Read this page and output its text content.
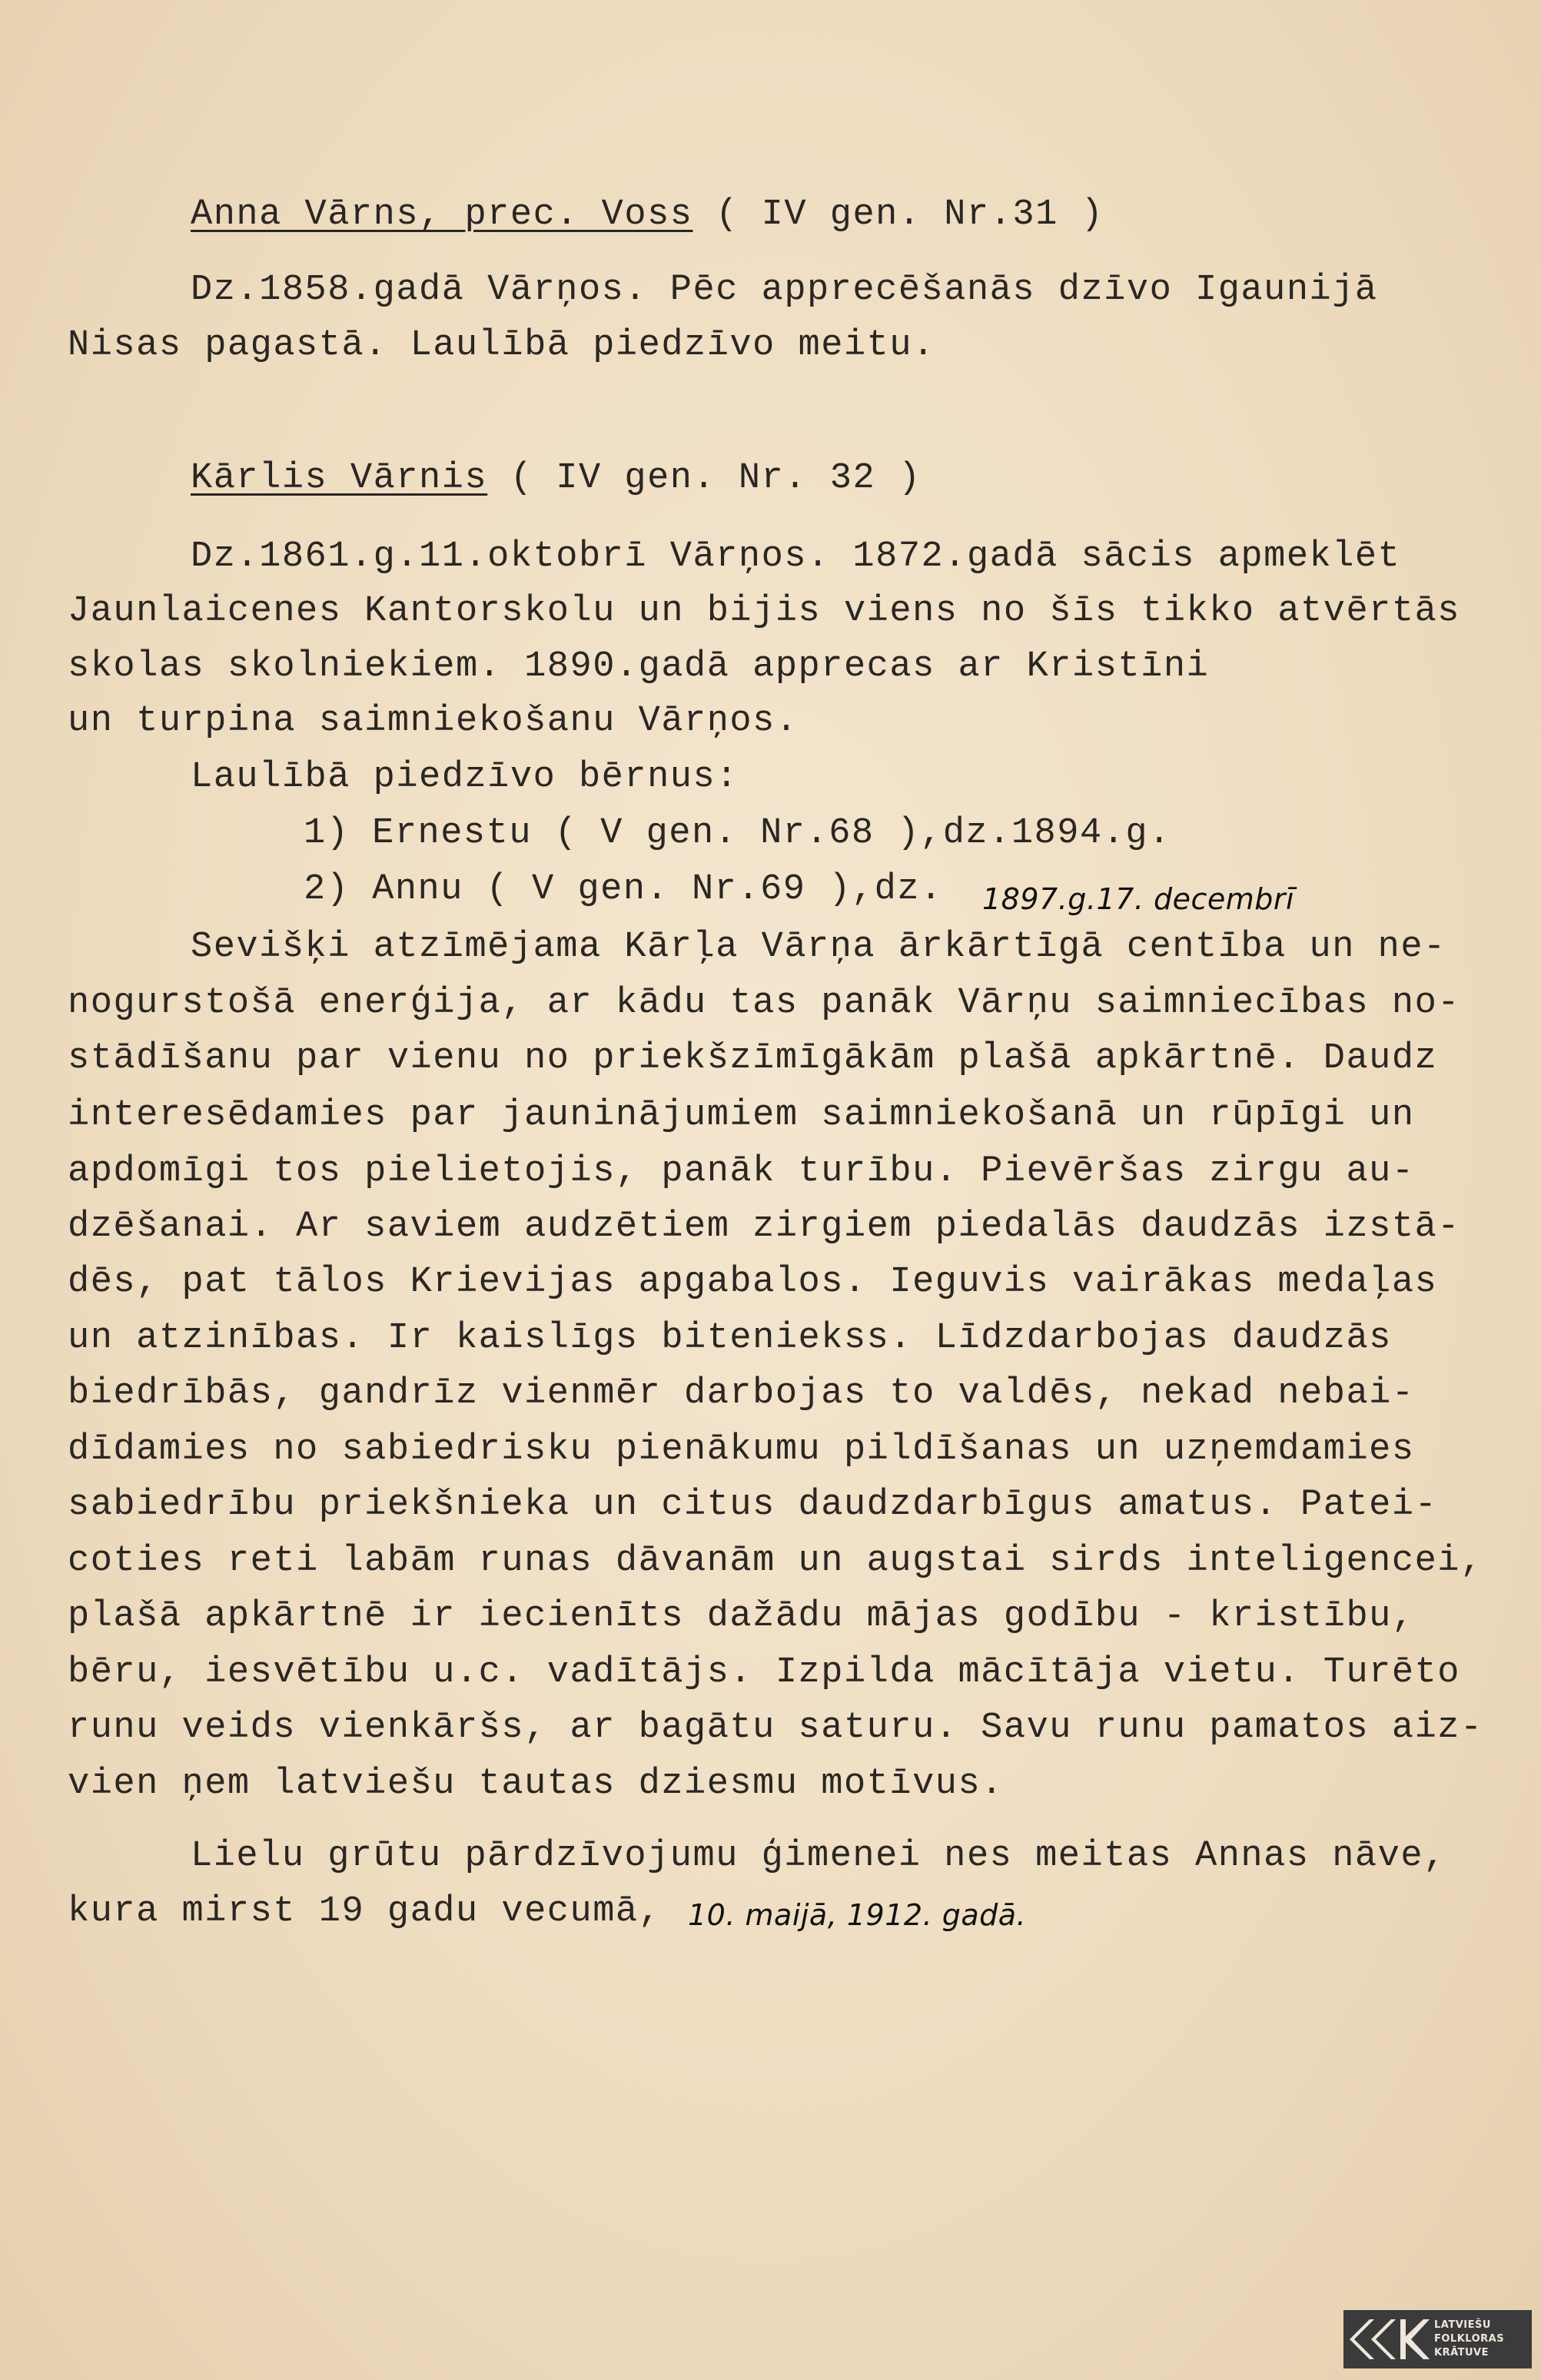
Anna Vārns, prec. Voss ( IV gen. Nr.31 )
Dz.1858.gadā Vārņos. Pēc apprecēšanās dzīvo Igaunijā
Nisas pagastā. Laulībā piedzīvo meitu.
Kārlis Vārnis ( IV gen. Nr. 32 )
Dz.1861.g.11.oktobrī Vārņos. 1872.gadā sācis apmeklēt
Jaunlaicenes Kantorskolu un bijis viens no šīs tikko atvērtās
skolas skolniekiem. 1890.gadā apprecas ar Kristīni
un turpina saimniekošanu Vārņos.
Laulībā piedzīvo bērnus:
1) Ernestu ( V gen. Nr.68 ),dz.1894.g.
2) Annu ( V gen. Nr.69 ),dz. 1897.g.17. decembrī
Sevišķi atzīmējama Kārļa Vārņa ārkārtīgā centība un ne-
nogurstošā enerģija, ar kādu tas panāk Vārņu saimniecības no-
stādīšanu par vienu no priekšzīmīgākām plašā apkārtnē. Daudz
interesēdamies par jauninājumiem saimniekošanā un rūpīgi un
apdomīgi tos pielietojis, panāk turību. Pievēršas zirgu au-
dzēšanai. Ar saviem audzētiem zirgiem piedalās daudzās izstā-
dēs, pat tālos Krievijas apgabalos. Ieguvis vairākas medaļas
un atzinības. Ir kaislīgs biteniekss. Līdzdarbojas daudzās
biedrībās, gandrīz vienmēr darbojas to valdēs, nekad nebai-
dīdamies no sabiedrisku pienākumu pildīšanas un uzņemdamies
sabiedrību priekšnieka un citus daudzdarbīgus amatus. Patei-
coties reti labām runas dāvanām un augstai sirds inteligencei,
plašā apkārtnē ir iecienīts dažādu mājas godību - kristību,
bēru, iesvētību u.c. vadītājs. Izpilda mācītāja vietu. Turēto
runu veids vienkāršs, ar bagātu saturu. Savu runu pamatos aiz-
vien ņem latviešu tautas dziesmu motīvus.
Lielu grūtu pārdzīvojumu ģimenei nes meitas Annas nāve,
kura mirst 19 gadu vecumā, 10. maijā, 1912. gadā.
LATVIEŠU
FOLKLORAS
KRĀTUVE
